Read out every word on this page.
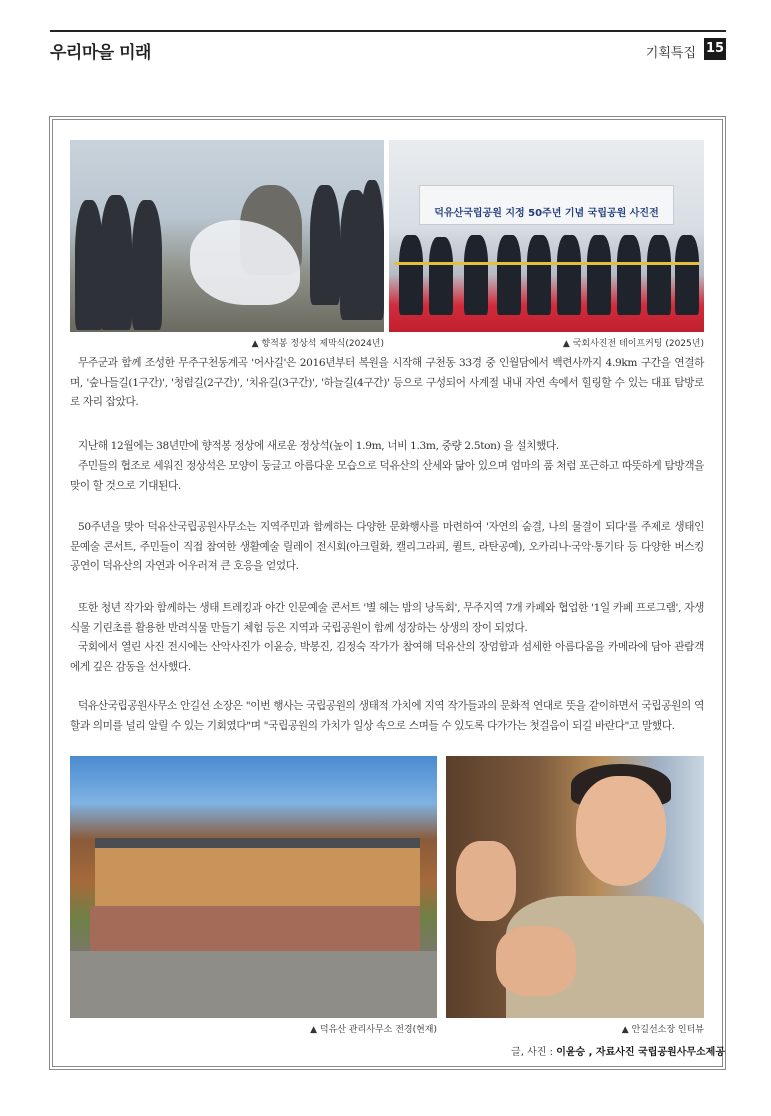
우리마을 미래	기획특집 15
▲ 향적봉 정상석 제막식(2024년)
덕유산국립공원 지정 50주년 기념 국립공원 사진전
▲ 국회사진전 테이프커팅 (2025년)

무주군과 함께 조성한 무주구천동계곡 '어사길'은 2016년부터 복원을 시작해 구천동 33경 중 인월담에서 백련사까지 4.9km 구간을 연결하며, '숲나들길(1구간)', '청렴길(2구간)', '치유길(3구간)', '하늘길(4구간)' 등으로 구성되어 사계절 내내 자연 속에서 힐링할 수 있는 대표 탐방로로 자리 잡았다.

지난해 12월에는 38년만에 향적봉 정상에 새로운 정상석(높이 1.9m, 너비 1.3m, 중량 2.5ton) 을 설치했다.

주민들의 협조로 세워진 정상석은 모양이 둥글고 아름다운 모습으로 덕유산의 산세와 닮아 있으며 엄마의 품 처럼 포근하고 따뜻하게 탐방객을 맞이 할 것으로 기대된다.

50주년을 맞아 덕유산국립공원사무소는 지역주민과 함께하는 다양한 문화행사를 마련하여 '자연의 숨결, 나의 물결이 되다'를 주제로 생태인문예술 콘서트, 주민들이 직접 참여한 생활예술 릴레이 전시회(아크릴화, 캘리그라피, 퀼트, 라탄공예), 오카리나·국악·통기타 등 다양한 버스킹 공연이 덕유산의 자연과 어우러져 큰 호응을 얻었다.

또한 청년 작가와 함께하는 생태 트레킹과 야간 인문예술 콘서트 '별 헤는 밤의 낭독회', 무주지역 7개 카페와 협업한 '1일 카페 프로그램', 자생식물 기린초를 활용한 반려식물 만들기 체험 등은 지역과 국립공원이 함께 성장하는 상생의 장이 되었다.

국회에서 열린 사진 전시에는 산악사진가 이윤승, 박봉진, 김정숙 작가가 참여해 덕유산의 장엄함과 섬세한 아름다움을 카메라에 담아 관람객에게 깊은 감동을 선사했다.

덕유산국립공원사무소 안길선 소장은 "이번 행사는 국립공원의 생태적 가치에 지역 작가들과의 문화적 연대로 뜻을 같이하면서 국립공원의 역할과 의미를 널리 알릴 수 있는 기회였다"며 "국립공원의 가치가 일상 속으로 스며들 수 있도록 다가가는 첫걸음이 되길 바란다"고 말했다.

▲ 덕유산 관리사무소 전경(현재)	▲ 안길선소장 인터뷰
글, 사진 : 이윤승 , 자료사진 국립공원사무소제공
